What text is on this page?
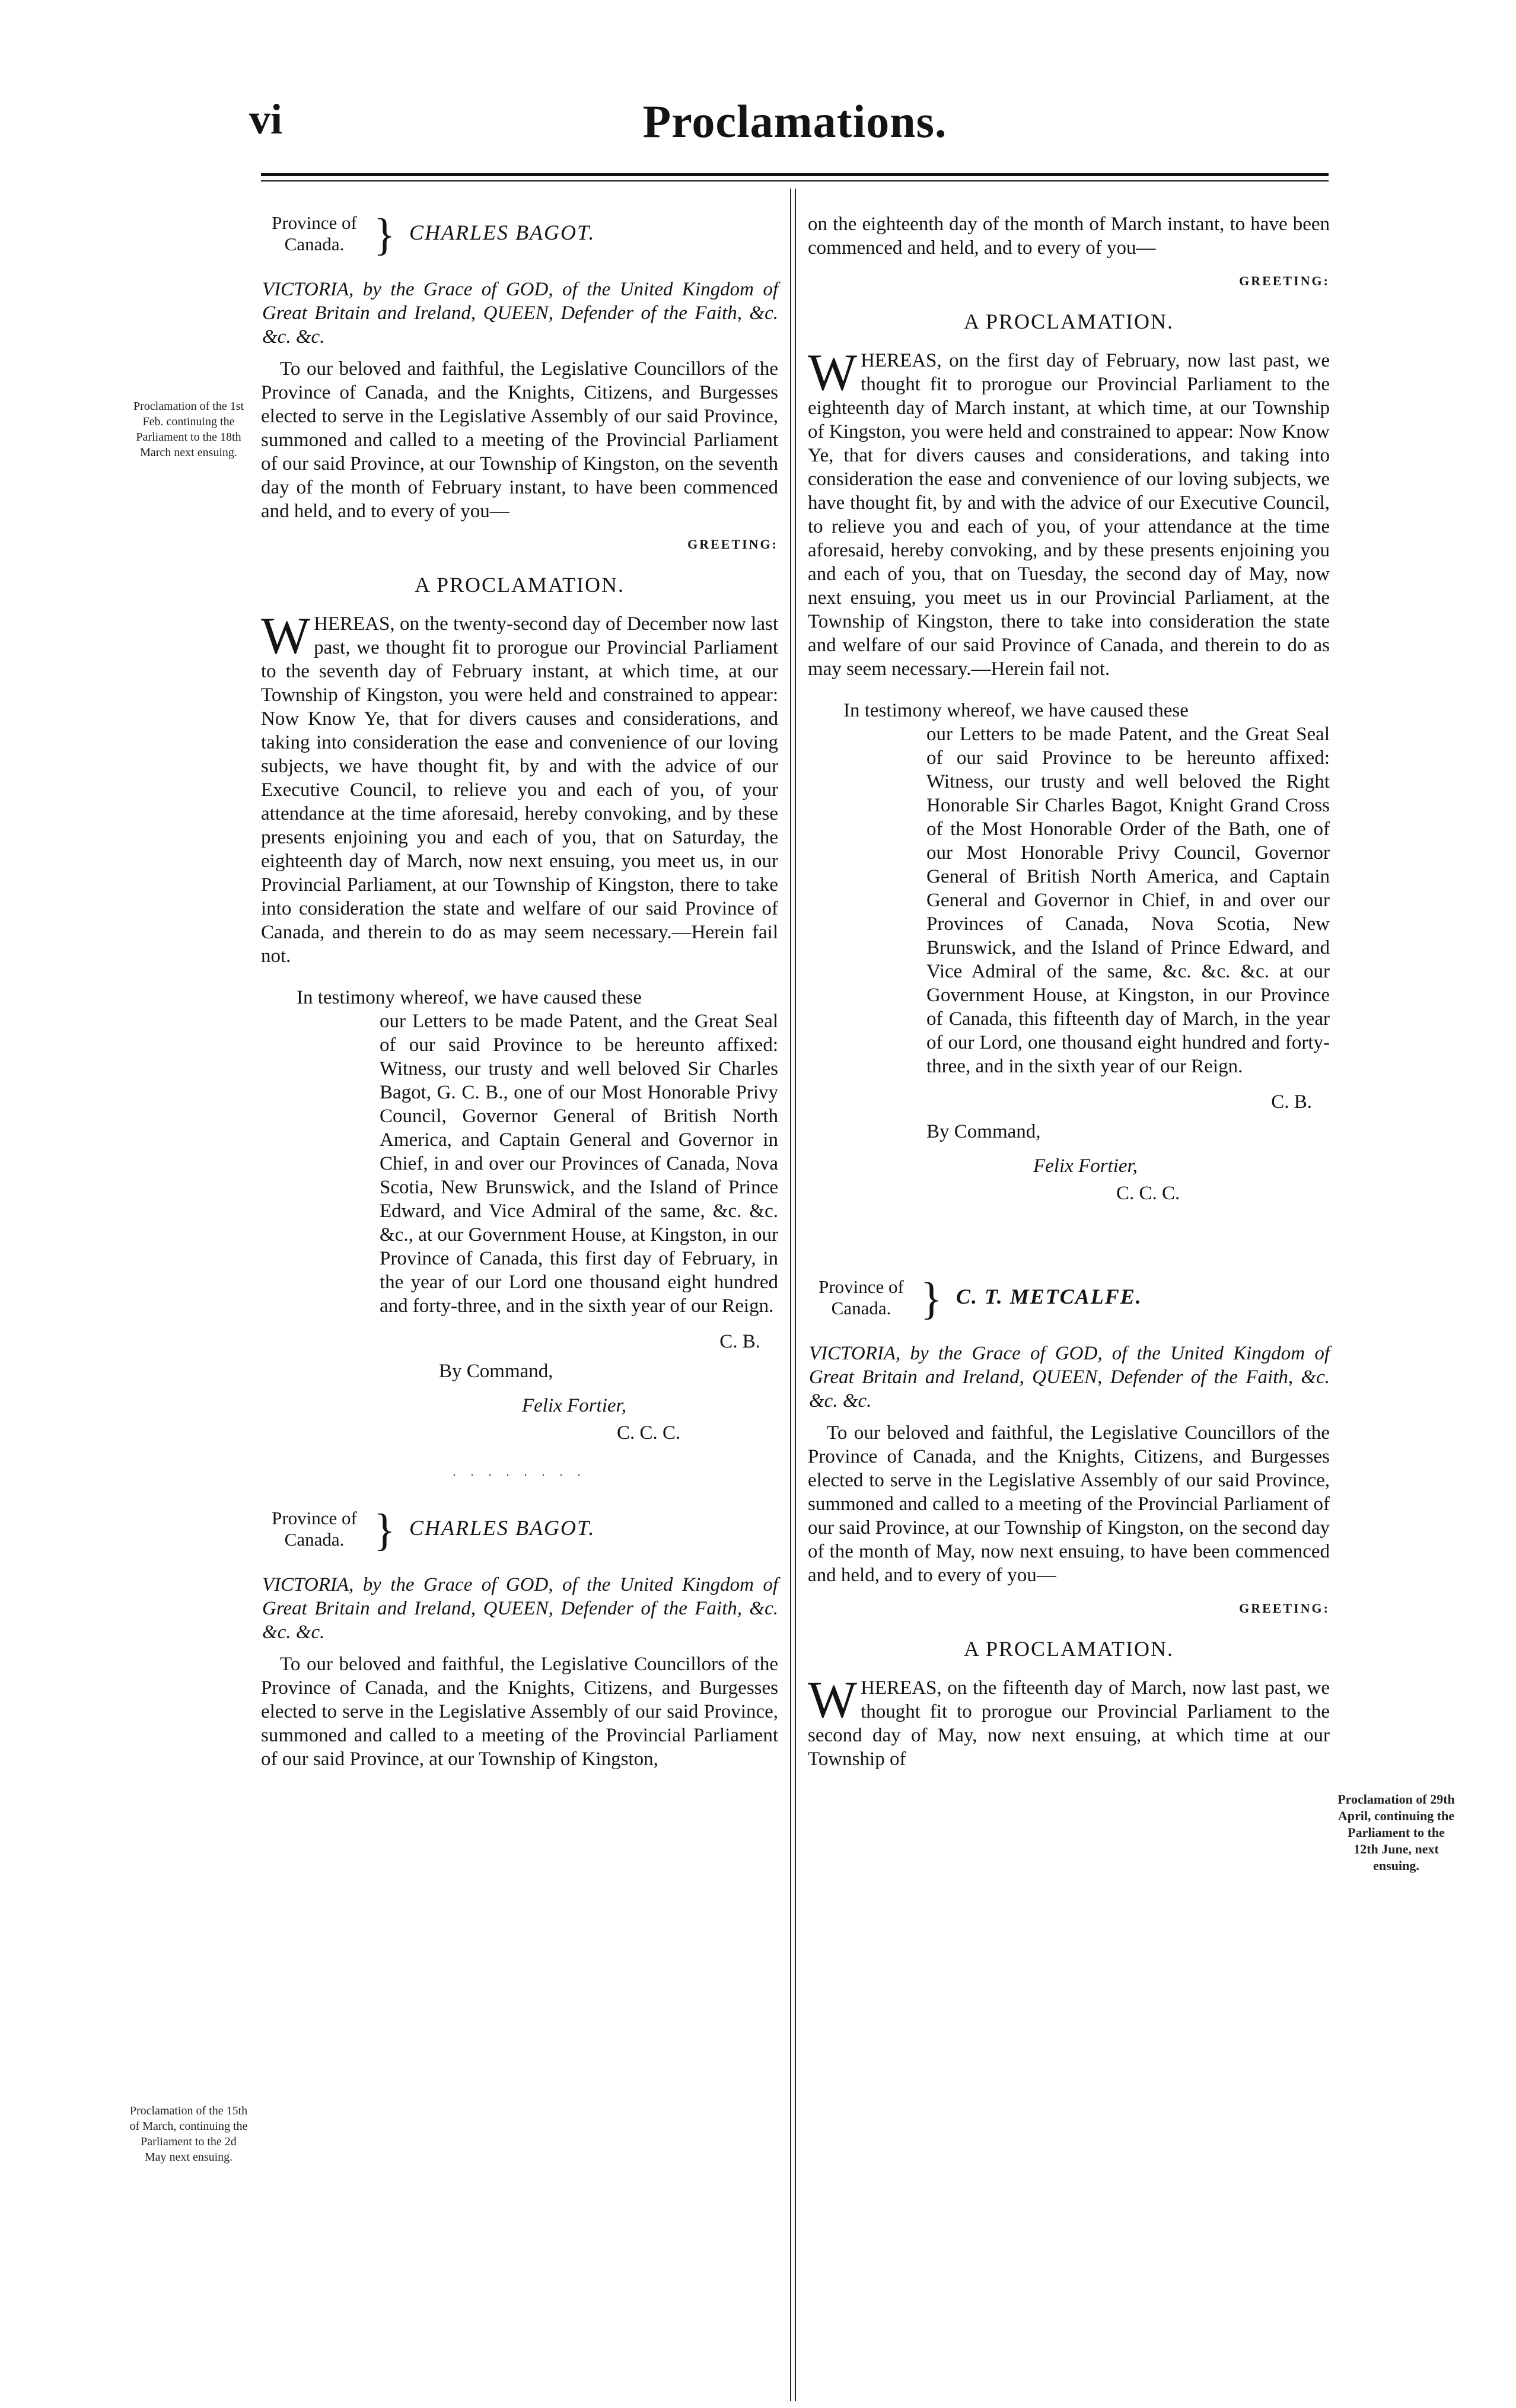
vi	Proclamations.
Proclamation of the 1st Feb. continuing the Parliament to the 18th March next ensuing.
Proclamation of the 15th of March, continuing the Parliament to the 2d May next ensuing.
Proclamation of 29th April, continuing the Parliament to the 12th June, next ensuing.
Province of Canada. } CHARLES BAGOT.
VICTORIA, by the Grace of GOD, of the United Kingdom of Great Britain and Ireland, QUEEN, Defender of the Faith, &c. &c. &c.

To our beloved and faithful, the Legislative Councillors of the Province of Canada, and the Knights, Citizens, and Burgesses elected to serve in the Legislative Assembly of our said Province, summoned and called to a meeting of the Provincial Parliament of our said Province, at our Township of Kingston, on the seventh day of the month of February instant, to have been commenced and held, and to every of you—

GREETING:

A PROCLAMATION.

WHEREAS, on the twenty-second day of December now last past, we thought fit to prorogue our Provincial Parliament to the seventh day of February instant, at which time, at our Township of Kingston, you were held and constrained to appear: Now Know Ye, that for divers causes and considerations, and taking into consideration the ease and convenience of our loving subjects, we have thought fit, by and with the advice of our Executive Council, to relieve you and each of you, of your attendance at the time aforesaid, hereby convoking, and by these presents enjoining you and each of you, that on Saturday, the eighteenth day of March, now next ensuing, you meet us, in our Provincial Parliament, at our Township of Kingston, there to take into consideration the state and welfare of our said Province of Canada, and therein to do as may seem necessary.—Herein fail not.

In testimony whereof, we have caused these

our Letters to be made Patent, and the Great Seal of our said Province to be hereunto affixed: Witness, our trusty and well beloved Sir Charles Bagot, G. C. B., one of our Most Honorable Privy Council, Governor General of British North America, and Captain General and Governor in Chief, in and over our Provinces of Canada, Nova Scotia, New Brunswick, and the Island of Prince Edward, and Vice Admiral of the same, &c. &c. &c., at our Government House, at Kingston, in our Province of Canada, this first day of February, in the year of our Lord one thousand eight hundred and forty-three, and in the sixth year of our Reign.

C. B.

By Command,

Felix Fortier,

C. C. C.

. . . . . . . .

Province of Canada. } CHARLES BAGOT.
VICTORIA, by the Grace of GOD, of the United Kingdom of Great Britain and Ireland, QUEEN, Defender of the Faith, &c. &c. &c.

To our beloved and faithful, the Legislative Councillors of the Province of Canada, and the Knights, Citizens, and Burgesses elected to serve in the Legislative Assembly of our said Province, summoned and called to a meeting of the Provincial Parliament of our said Province, at our Township of Kingston,

on the eighteenth day of the month of March instant, to have been commenced and held, and to every of you—

GREETING:

A PROCLAMATION.

WHEREAS, on the first day of February, now last past, we thought fit to prorogue our Provincial Parliament to the eighteenth day of March instant, at which time, at our Township of Kingston, you were held and constrained to appear: Now Know Ye, that for divers causes and considerations, and taking into consideration the ease and convenience of our loving subjects, we have thought fit, by and with the advice of our Executive Council, to relieve you and each of you, of your attendance at the time aforesaid, hereby convoking, and by these presents enjoining you and each of you, that on Tuesday, the second day of May, now next ensuing, you meet us in our Provincial Parliament, at the Township of Kingston, there to take into consideration the state and welfare of our said Province of Canada, and therein to do as may seem necessary.—Herein fail not.

In testimony whereof, we have caused these

our Letters to be made Patent, and the Great Seal of our said Province to be hereunto affixed: Witness, our trusty and well beloved the Right Honorable Sir Charles Bagot, Knight Grand Cross of the Most Honorable Order of the Bath, one of our Most Honorable Privy Council, Governor General of British North America, and Captain General and Governor in Chief, in and over our Provinces of Canada, Nova Scotia, New Brunswick, and the Island of Prince Edward, and Vice Admiral of the same, &c. &c. &c. at our Government House, at Kingston, in our Province of Canada, this fifteenth day of March, in the year of our Lord, one thousand eight hundred and forty-three, and in the sixth year of our Reign.

C. B.

By Command,

Felix Fortier,

C. C. C.

Province of Canada. } C. T. METCALFE.
VICTORIA, by the Grace of GOD, of the United Kingdom of Great Britain and Ireland, QUEEN, Defender of the Faith, &c. &c. &c.

To our beloved and faithful, the Legislative Councillors of the Province of Canada, and the Knights, Citizens, and Burgesses elected to serve in the Legislative Assembly of our said Province, summoned and called to a meeting of the Provincial Parliament of our said Province, at our Township of Kingston, on the second day of the month of May, now next ensuing, to have been commenced and held, and to every of you—

GREETING:

A PROCLAMATION.

WHEREAS, on the fifteenth day of March, now last past, we thought fit to prorogue our Provincial Parliament to the second day of May, now next ensuing, at which time at our Township of
